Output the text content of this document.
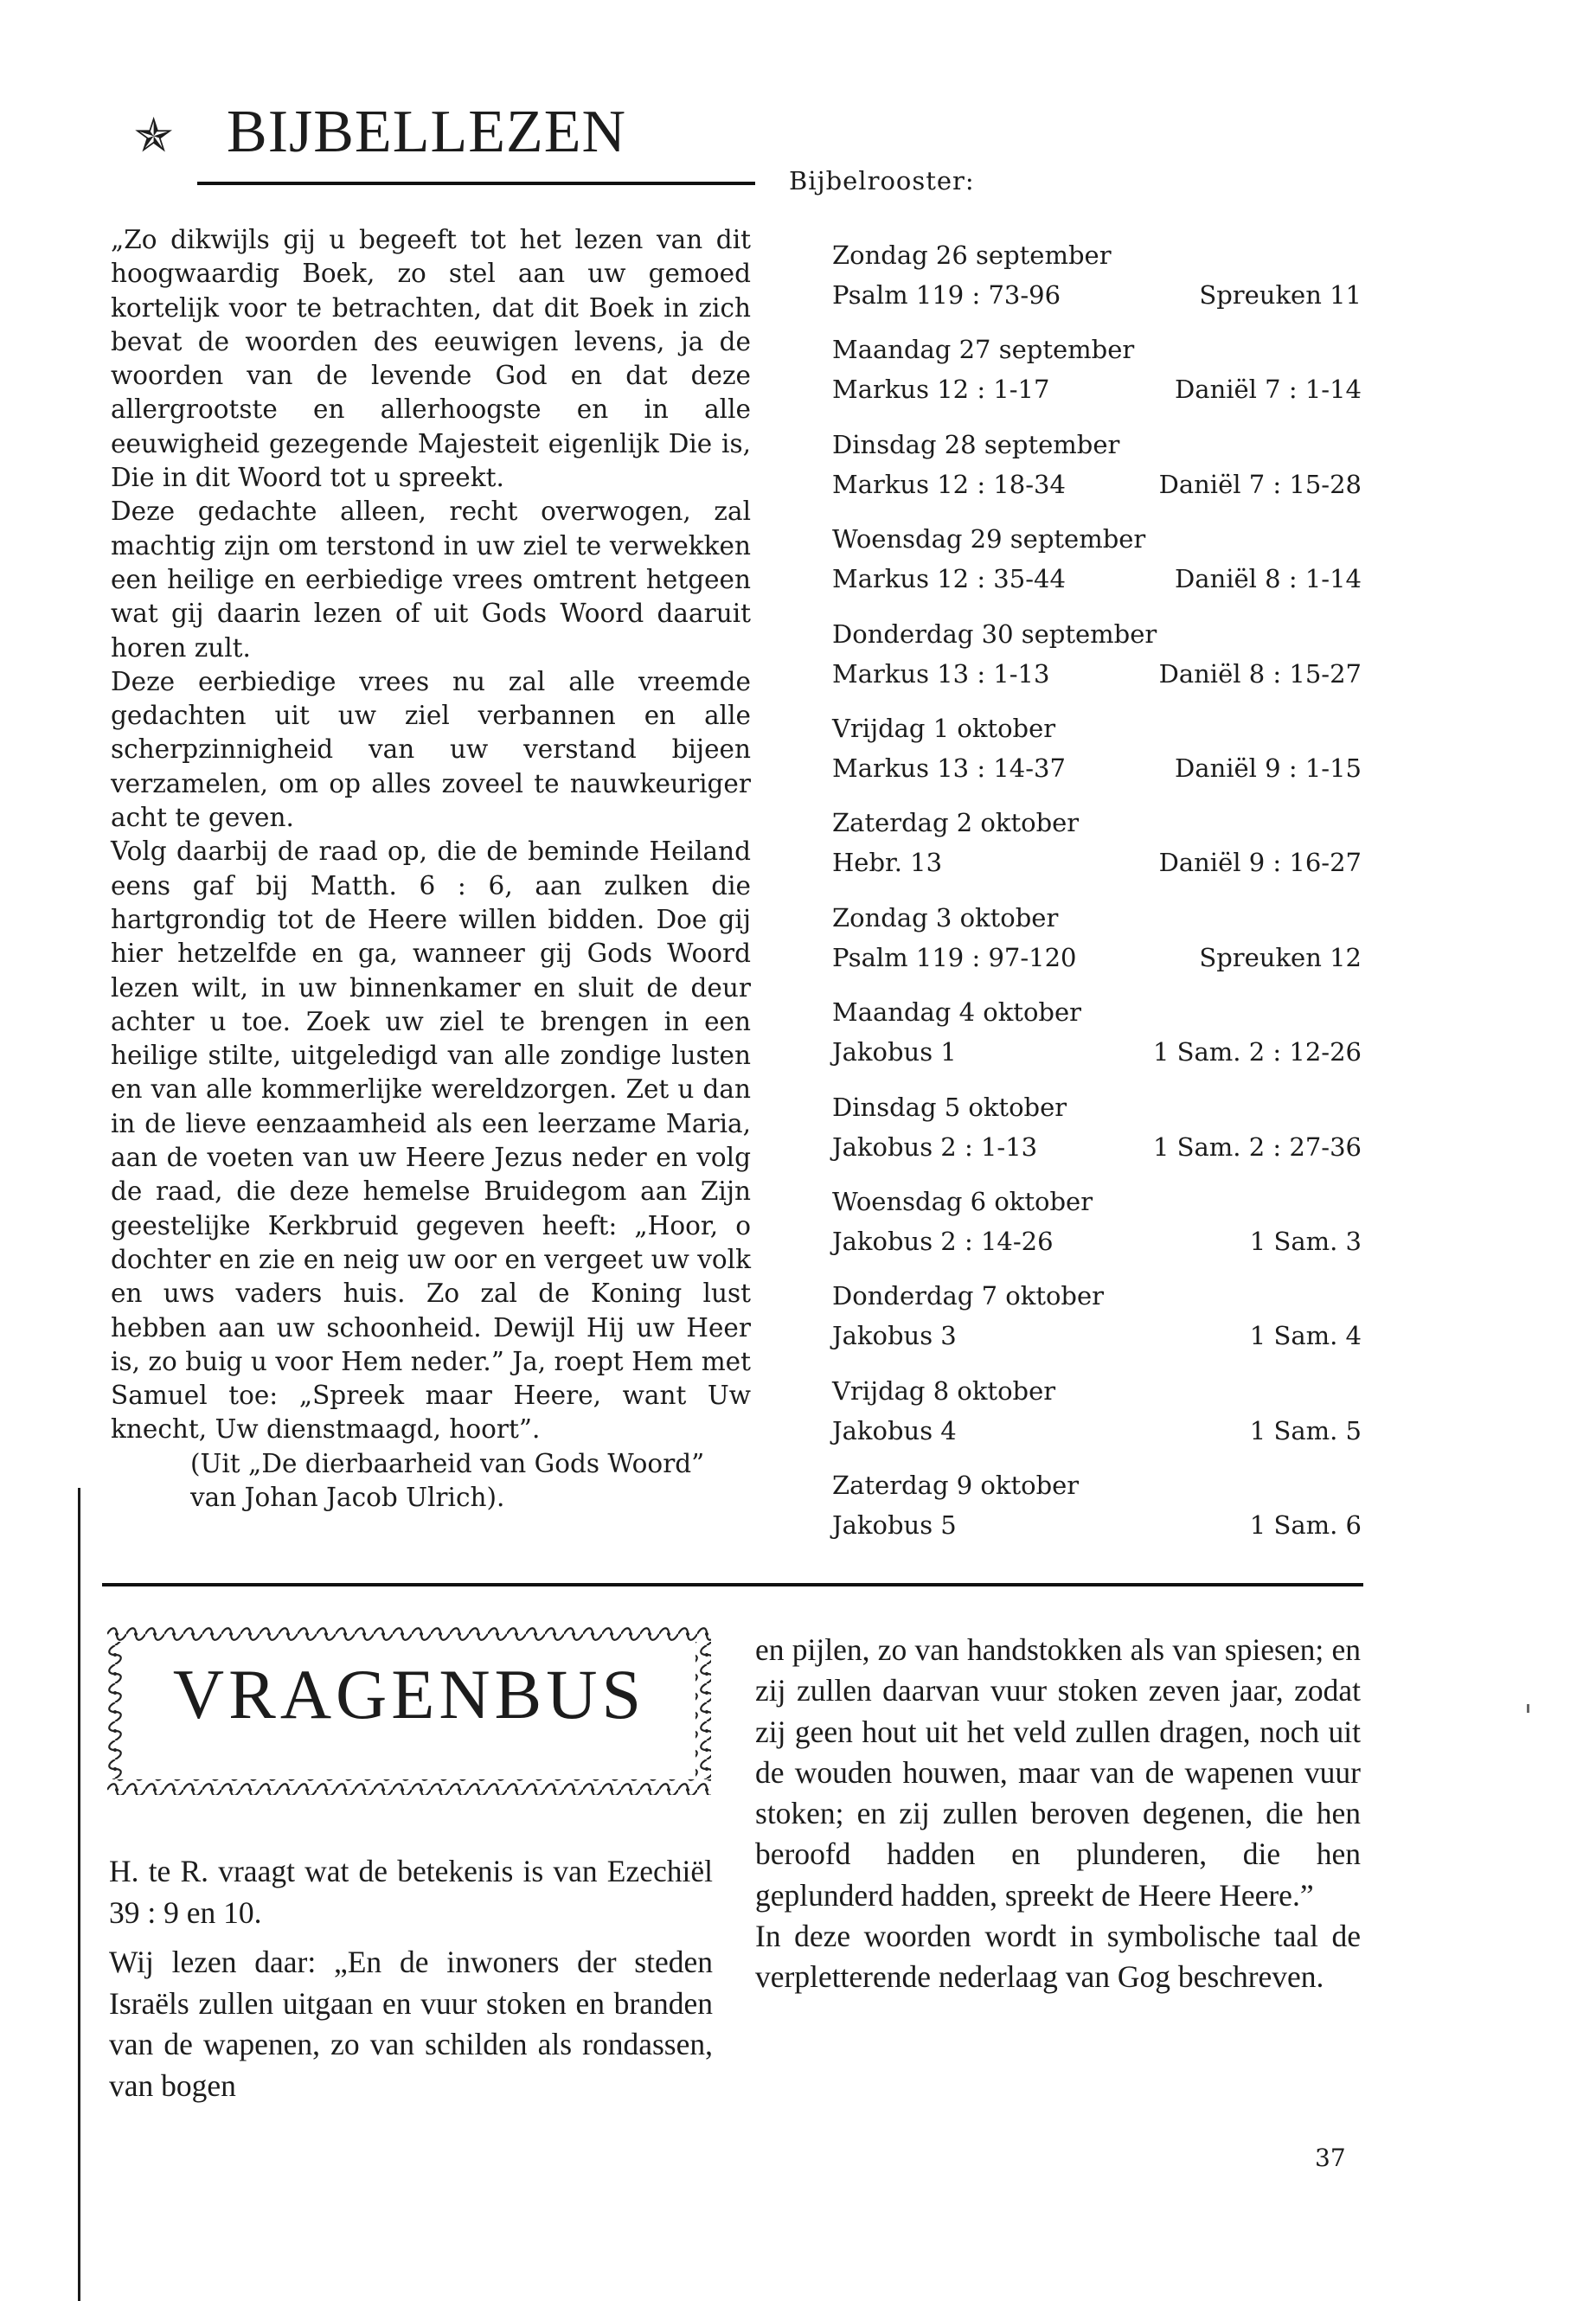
✯ BIJBELLEZEN

„Zo dikwijls gij u begeeft tot het lezen van dit hoogwaardig Boek, zo stel aan uw gemoed kortelijk voor te betrachten, dat dit Boek in zich bevat de woorden des eeuwigen levens, ja de woorden van de levende God en dat deze allergrootste en allerhoogste en in alle eeuwigheid gezegende Majesteit eigenlijk Die is, Die in dit Woord tot u spreekt.

Deze gedachte alleen, recht overwogen, zal machtig zijn om terstond in uw ziel te verwekken een heilige en eerbiedige vrees omtrent hetgeen wat gij daarin lezen of uit Gods Woord daaruit horen zult.

Deze eerbiedige vrees nu zal alle vreemde gedachten uit uw ziel verbannen en alle scherpzinnigheid van uw verstand bijeen verzamelen, om op alles zoveel te nauwkeuriger acht te geven.

Volg daarbij de raad op, die de beminde Heiland eens gaf bij Matth. 6 : 6, aan zulken die hartgrondig tot de Heere willen bidden. Doe gij hier hetzelfde en ga, wanneer gij Gods Woord lezen wilt, in uw binnenkamer en sluit de deur achter u toe. Zoek uw ziel te brengen in een heilige stilte, uitgeledigd van alle zondige lusten en van alle kommerlijke wereldzorgen. Zet u dan in de lieve eenzaamheid als een leerzame Maria, aan de voeten van uw Heere Jezus neder en volg de raad, die deze hemelse Bruidegom aan Zijn geestelijke Kerkbruid gegeven heeft: „Hoor, o dochter en zie en neig uw oor en vergeet uw volk en uws vaders huis. Zo zal de Koning lust hebben aan uw schoonheid. Dewijl Hij uw Heer is, zo buig u voor Hem neder.” Ja, roept Hem met Samuel toe: „Spreek maar Heere, want Uw knecht, Uw dienstmaagd, hoort”.

(Uit „De dierbaarheid van Gods Woord”

van Johan Jacob Ulrich).

Bijbelrooster:
Zondag 26 september
Psalm 119 : 73-96	Spreuken 11
Maandag 27 september
Markus 12 : 1-17	Daniël 7 : 1-14
Dinsdag 28 september
Markus 12 : 18-34	Daniël 7 : 15-28
Woensdag 29 september
Markus 12 : 35-44	Daniël 8 : 1-14
Donderdag 30 september
Markus 13 : 1-13	Daniël 8 : 15-27
Vrijdag 1 oktober
Markus 13 : 14-37	Daniël 9 : 1-15
Zaterdag 2 oktober
Hebr. 13	Daniël 9 : 16-27
Zondag 3 oktober
Psalm 119 : 97-120	Spreuken 12
Maandag 4 oktober
Jakobus 1	1 Sam. 2 : 12-26
Dinsdag 5 oktober
Jakobus 2 : 1-13	1 Sam. 2 : 27-36
Woensdag 6 oktober
Jakobus 2 : 14-26	1 Sam. 3
Donderdag 7 oktober
Jakobus 3	1 Sam. 4
Vrijdag 8 oktober
Jakobus 4	1 Sam. 5
Zaterdag 9 oktober
Jakobus 5	1 Sam. 6
VRAGENBUS

H. te R. vraagt wat de betekenis is van Ezechiël 39 : 9 en 10.

Wij lezen daar: „En de inwoners der steden Israëls zullen uitgaan en vuur stoken en branden van de wapenen, zo van schilden als rondassen, van bogen

en pijlen, zo van handstokken als van spiesen; en zij zullen daarvan vuur stoken zeven jaar, zodat zij geen hout uit het veld zullen dragen, noch uit de wouden houwen, maar van de wapenen vuur stoken; en zij zullen beroven degenen, die hen beroofd hadden en plunderen, die hen geplunderd hadden, spreekt de Heere Heere.”

In deze woorden wordt in symbolische taal de verpletterende nederlaag van Gog beschreven.

37
